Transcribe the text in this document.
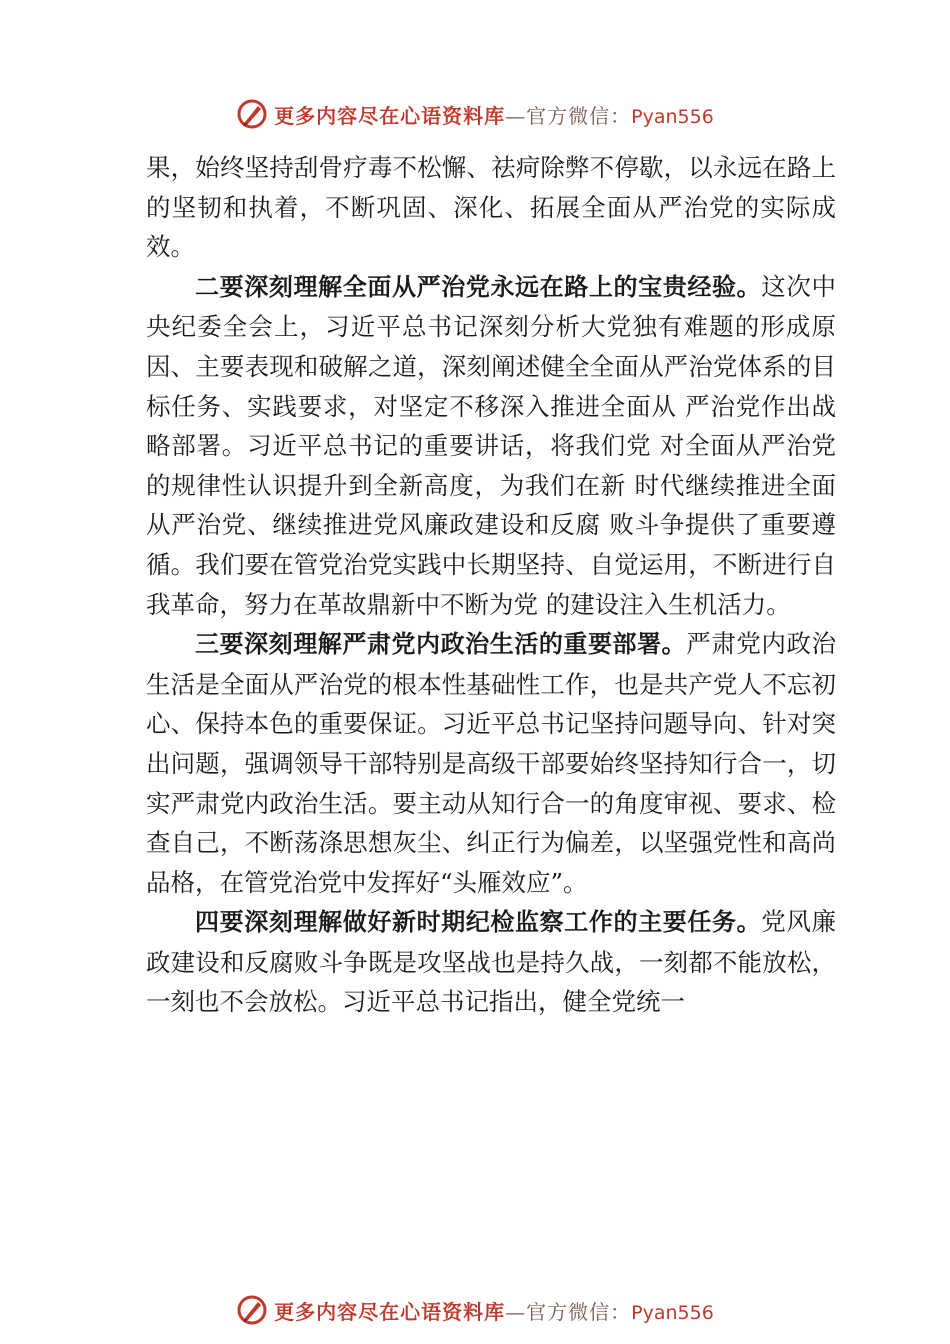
更多内容尽在心语资料库—官方微信：Pyan556

果，始终坚持刮骨疗毒不松懈、祛疴除弊不停歇，以永远在路上的坚韧和执着，不断巩固、深化、拓展全面从严治党的实际成效。

二要深刻理解全面从严治党永远在路上的宝贵经验。这次中央纪委全会上，习近平总书记深刻分析大党独有难题的形成原因、主要表现和破解之道，深刻阐述健全全面从严治党体系的目标任务、实践要求，对坚定不移深入推进全面从 严治党作出战略部署。习近平总书记的重要讲话，将我们党 对全面从严治党的规律性认识提升到全新高度，为我们在新 时代继续推进全面从严治党、继续推进党风廉政建设和反腐 败斗争提供了重要遵循。我们要在管党治党实践中长期坚持、自觉运用，不断进行自我革命，努力在革故鼎新中不断为党 的建设注入生机活力。

三要深刻理解严肃党内政治生活的重要部署。严肃党内政治生活是全面从严治党的根本性基础性工作，也是共产党人不忘初心、保持本色的重要保证。习近平总书记坚持问题导向、针对突出问题，强调领导干部特别是高级干部要始终坚持知行合一，切实严肃党内政治生活。要主动从知行合一的角度审视、要求、检查自己，不断荡涤思想灰尘、纠正行为偏差，以坚强党性和高尚品格，在管党治党中发挥好“头雁效应”。

四要深刻理解做好新时期纪检监察工作的主要任务。党风廉政建设和反腐败斗争既是攻坚战也是持久战，一刻都不能放松，一刻也不会放松。习近平总书记指出，健全党统一

更多内容尽在心语资料库—官方微信：Pyan556
